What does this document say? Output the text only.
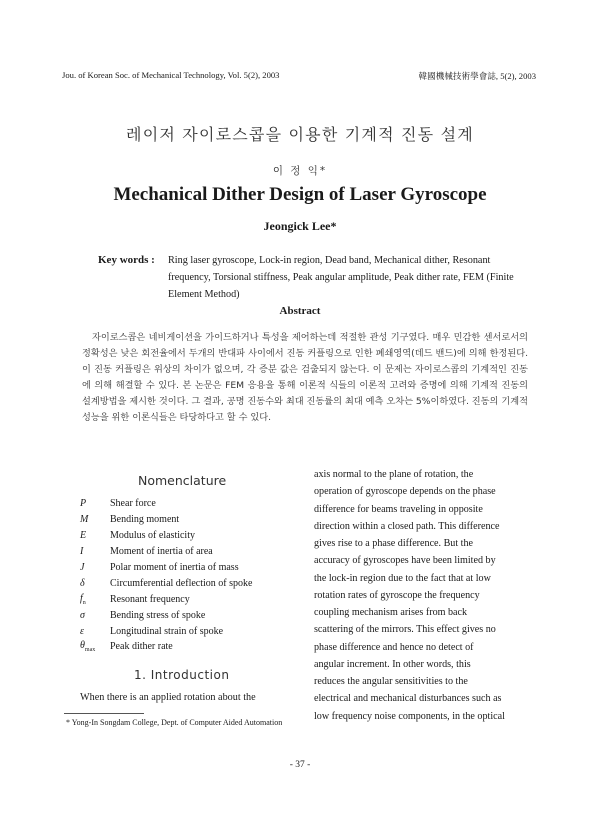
Jou. of Korean Soc. of Mechanical Technology, Vol. 5(2), 2003	韓國機械技術學會誌, 5(2), 2003
레이저 자이로스콥을 이용한 기계적 진동 설계
이 정 익*
Mechanical Dither Design of Laser Gyroscope
Jeongick Lee*
Key words : Ring laser gyroscope, Lock-in region, Dead band, Mechanical dither, Resonant frequency, Torsional stiffness, Peak angular amplitude, Peak dither rate, FEM (Finite Element Method)
Abstract

자이로스콥은 네비게이션을 가이드하거나 특성을 제어하는데 적절한 관성 기구였다. 매우 민감한 센서로서의 정확성은 낮은 회전율에서 두개의 반대파 사이에서 진동 커플링으로 인한 폐쇄영역(데드 밴드)에 의해 한정된다. 이 진동 커플링은 위상의 차이가 없으며, 각 증분 값은 검출되지 않는다. 이 문제는 자이로스콥의 기계적인 진동에 의해 해결할 수 있다. 본 논문은 FEM 응용을 통해 이론적 식들의 이론적 고려와 증명에 의해 기계적 진동의 설계방법을 제시한 것이다. 그 결과, 공명 진동수와 최대 진동률의 최대 예측 오차는 5%이하였다. 진동의 기계적 성능을 위한 이론식들은 타당하다고 할 수 있다.

Nomenclature
P	Shear force
M	Bending moment
E	Modulus of elasticity
I	Moment of inertia of area
J	Polar moment of inertia of mass
δ	Circumferential deflection of spoke
$f_n$	Resonant frequency
σ	Bending stress of spoke
ε	Longitudinal strain of spoke
$\theta_{max}$	Peak dither rate
1. Introduction
When there is an applied rotation about the
axis normal to the plane of rotation, the
operation of gyroscope depends on the phase
difference for beams traveling in opposite
direction within a closed path. This difference
gives rise to a phase difference. But the
accuracy of gyroscopes have been limited by
the lock-in region due to the fact that at low
rotation rates of gyroscope the frequency
coupling mechanism arises from back
scattering of the mirrors. This effect gives no
phase difference and hence no detect of
angular increment. In other words, this
reduces the angular sensitivities to the
electrical and mechanical disturbances such as
low frequency noise components, in the optical
* Yong-In Songdam College, Dept. of Computer Aided Automation
- 37 -
